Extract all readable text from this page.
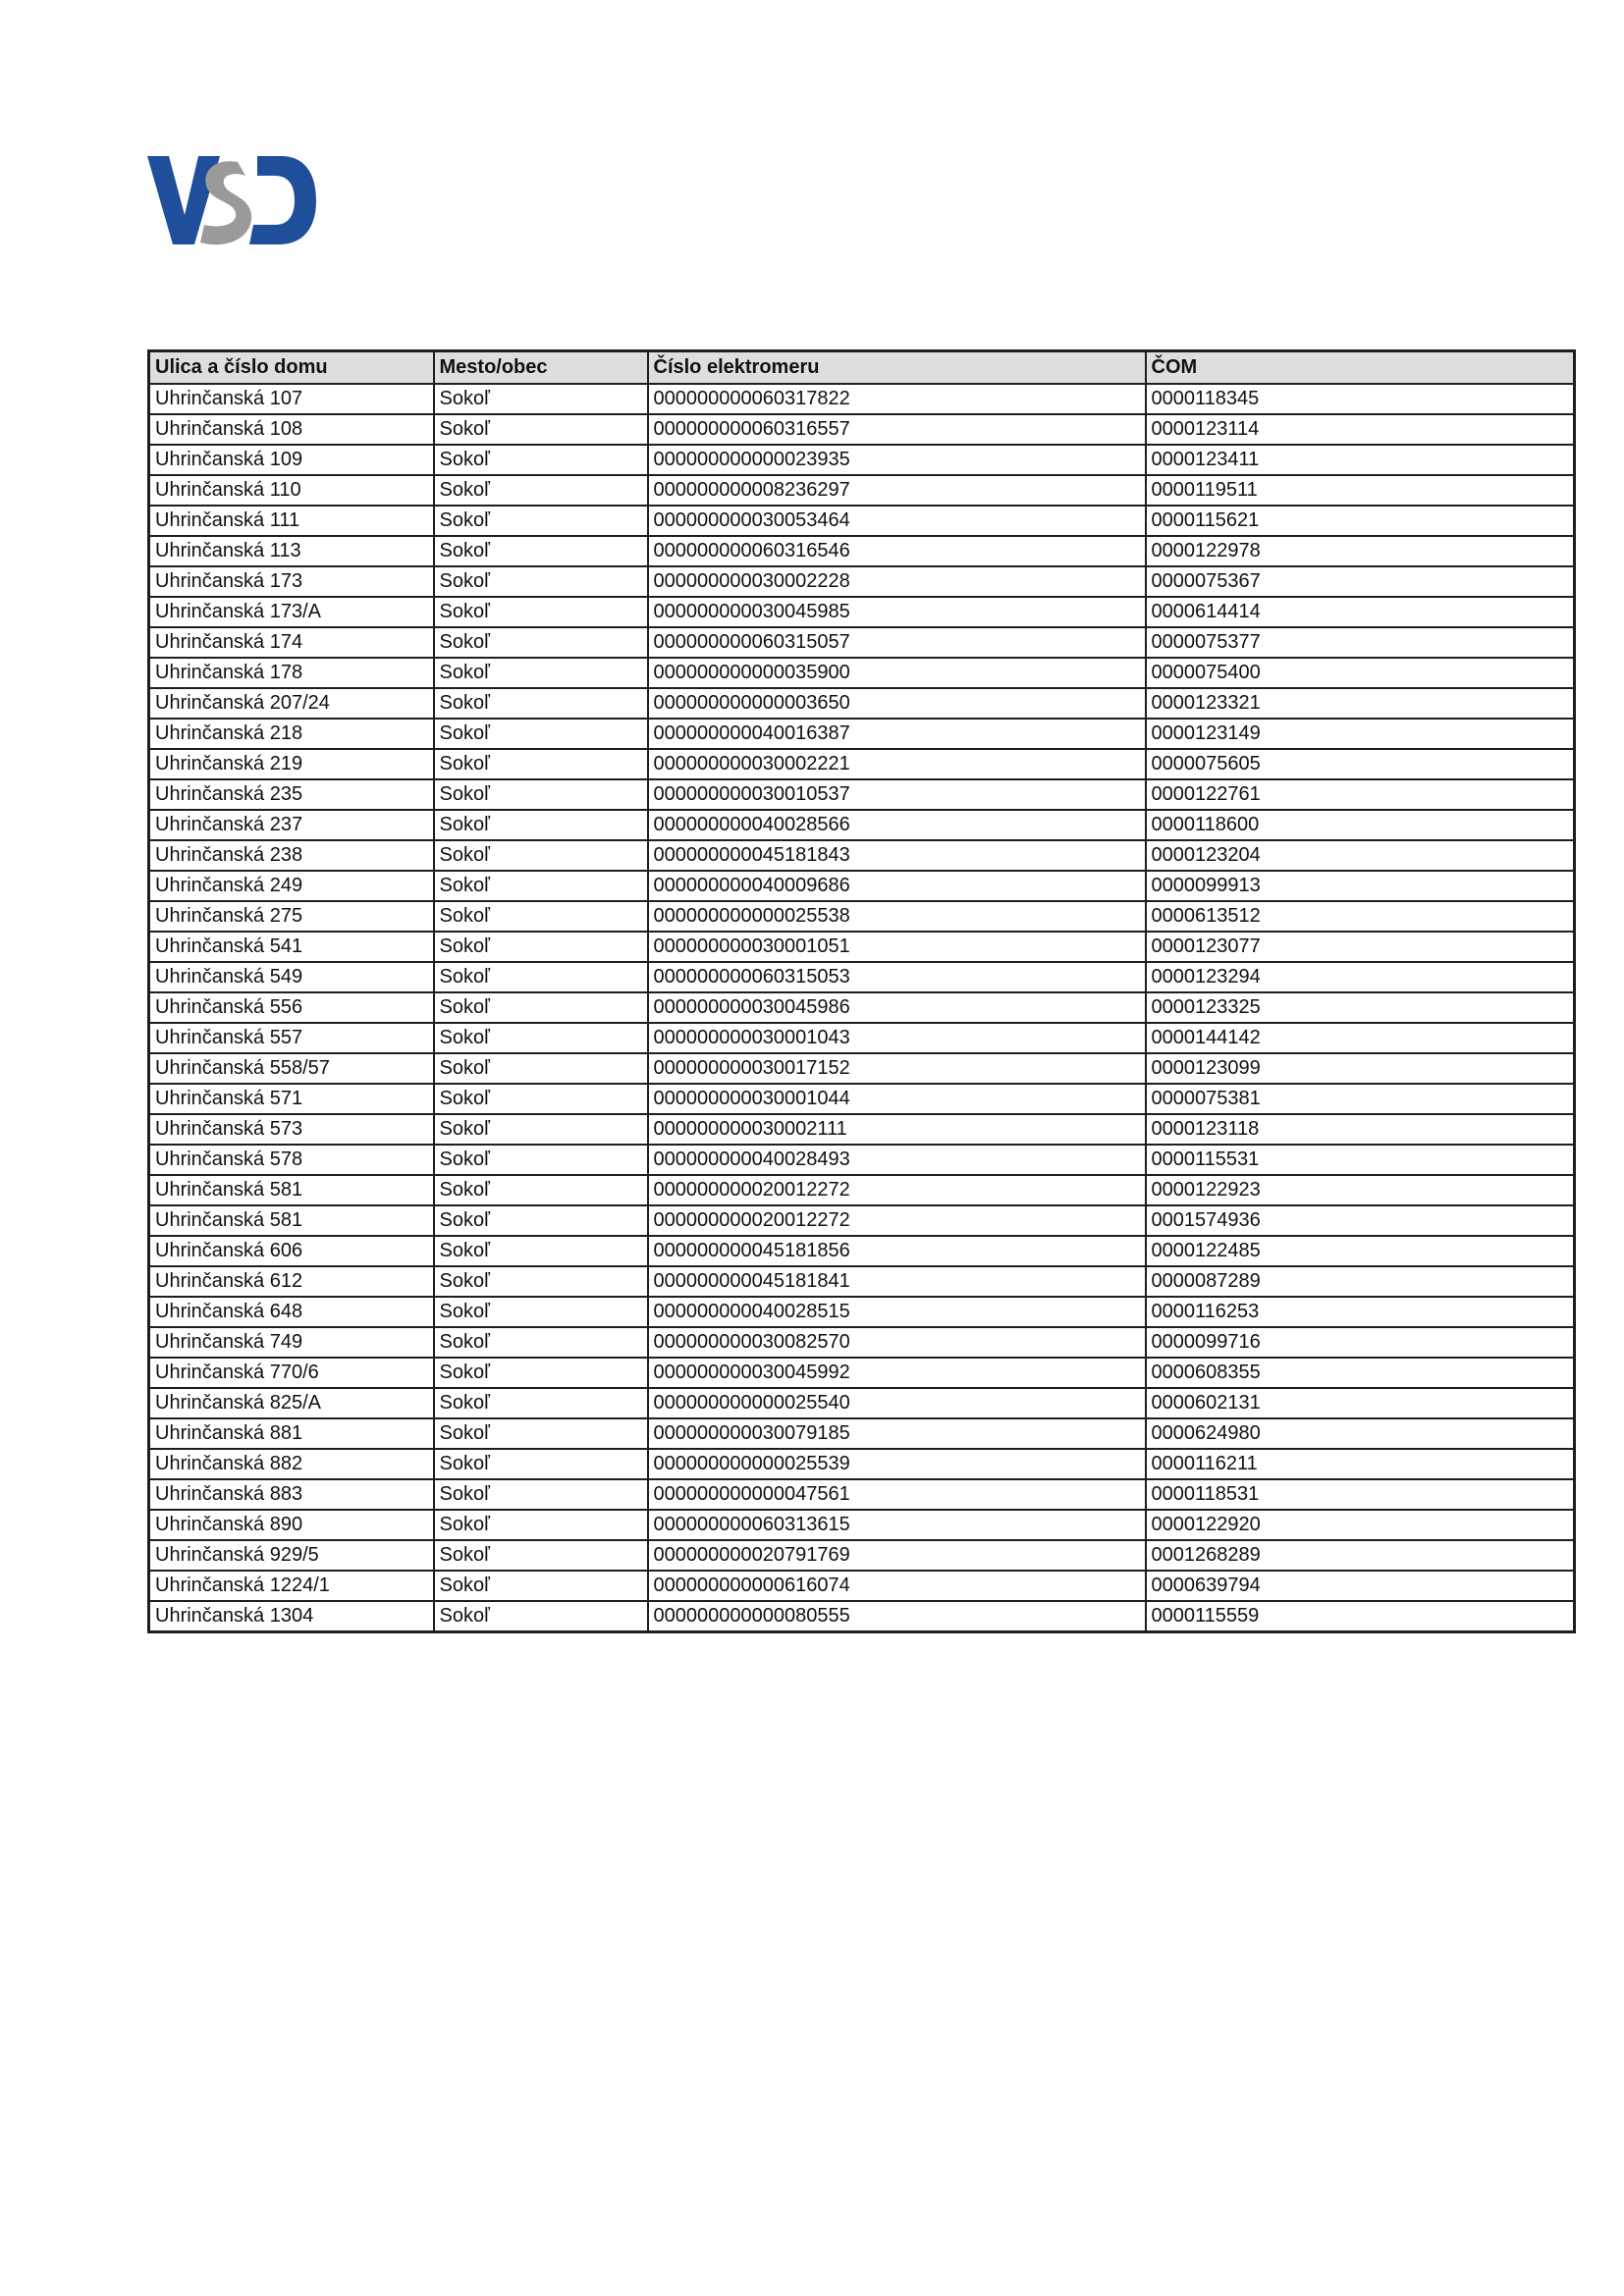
Ulica a číslo domu	Mesto/obec	Číslo elektromeru	ČOM
Uhrinčanská 107	Sokoľ	000000000060317822	0000118345
Uhrinčanská 108	Sokoľ	000000000060316557	0000123114
Uhrinčanská 109	Sokoľ	000000000000023935	0000123411
Uhrinčanská 110	Sokoľ	000000000008236297	0000119511
Uhrinčanská 111	Sokoľ	000000000030053464	0000115621
Uhrinčanská 113	Sokoľ	000000000060316546	0000122978
Uhrinčanská 173	Sokoľ	000000000030002228	0000075367
Uhrinčanská 173/A	Sokoľ	000000000030045985	0000614414
Uhrinčanská 174	Sokoľ	000000000060315057	0000075377
Uhrinčanská 178	Sokoľ	000000000000035900	0000075400
Uhrinčanská 207/24	Sokoľ	000000000000003650	0000123321
Uhrinčanská 218	Sokoľ	000000000040016387	0000123149
Uhrinčanská 219	Sokoľ	000000000030002221	0000075605
Uhrinčanská 235	Sokoľ	000000000030010537	0000122761
Uhrinčanská 237	Sokoľ	000000000040028566	0000118600
Uhrinčanská 238	Sokoľ	000000000045181843	0000123204
Uhrinčanská 249	Sokoľ	000000000040009686	0000099913
Uhrinčanská 275	Sokoľ	000000000000025538	0000613512
Uhrinčanská 541	Sokoľ	000000000030001051	0000123077
Uhrinčanská 549	Sokoľ	000000000060315053	0000123294
Uhrinčanská 556	Sokoľ	000000000030045986	0000123325
Uhrinčanská 557	Sokoľ	000000000030001043	0000144142
Uhrinčanská 558/57	Sokoľ	000000000030017152	0000123099
Uhrinčanská 571	Sokoľ	000000000030001044	0000075381
Uhrinčanská 573	Sokoľ	000000000030002111	0000123118
Uhrinčanská 578	Sokoľ	000000000040028493	0000115531
Uhrinčanská 581	Sokoľ	000000000020012272	0000122923
Uhrinčanská 581	Sokoľ	000000000020012272	0001574936
Uhrinčanská 606	Sokoľ	000000000045181856	0000122485
Uhrinčanská 612	Sokoľ	000000000045181841	0000087289
Uhrinčanská 648	Sokoľ	000000000040028515	0000116253
Uhrinčanská 749	Sokoľ	000000000030082570	0000099716
Uhrinčanská 770/6	Sokoľ	000000000030045992	0000608355
Uhrinčanská 825/A	Sokoľ	000000000000025540	0000602131
Uhrinčanská 881	Sokoľ	000000000030079185	0000624980
Uhrinčanská 882	Sokoľ	000000000000025539	0000116211
Uhrinčanská 883	Sokoľ	000000000000047561	0000118531
Uhrinčanská 890	Sokoľ	000000000060313615	0000122920
Uhrinčanská 929/5	Sokoľ	000000000020791769	0001268289
Uhrinčanská 1224/1	Sokoľ	000000000000616074	0000639794
Uhrinčanská 1304	Sokoľ	000000000000080555	0000115559
